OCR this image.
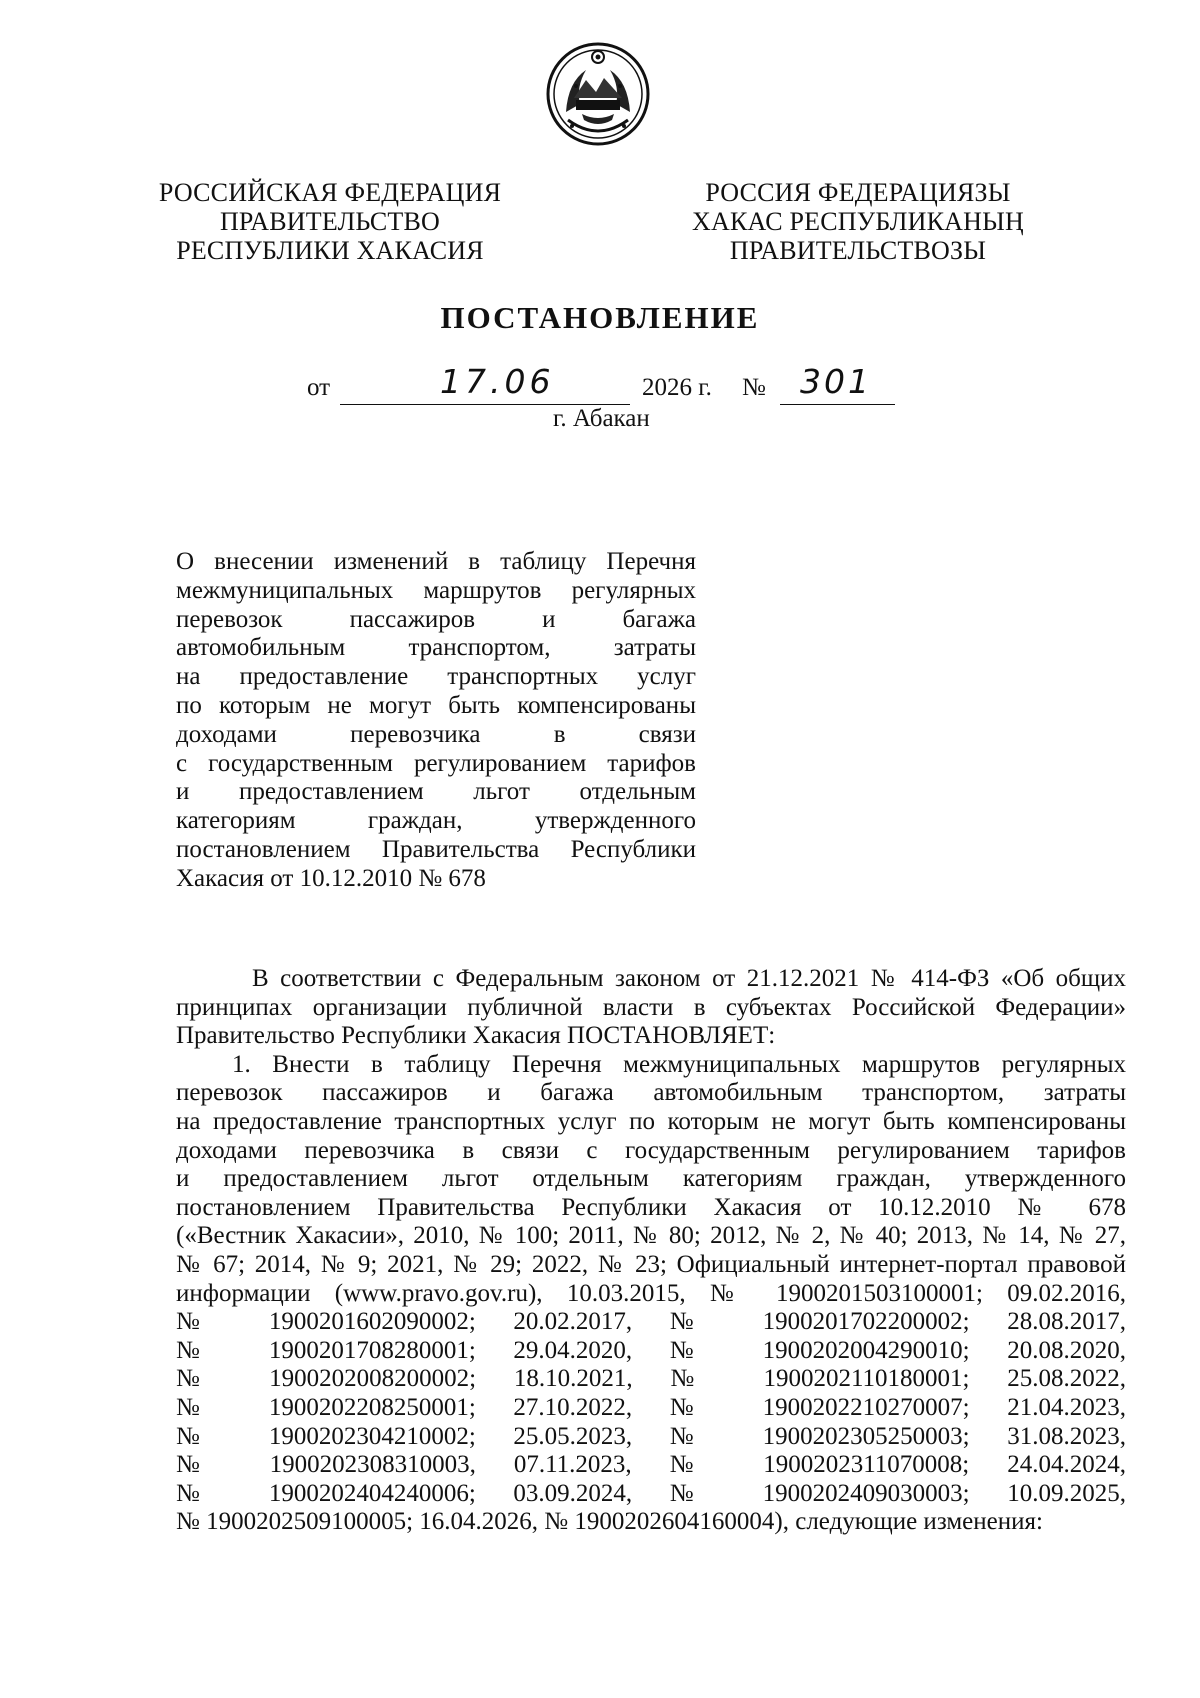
РОССИЙСКАЯ ФЕДЕРАЦИЯ
ПРАВИТЕЛЬСТВО
РЕСПУБЛИКИ ХАКАСИЯ
РОССИЯ ФЕДЕРАЦИЯЗЫ
ХАКАС РЕСПУБЛИКАНЫҢ
ПРАВИТЕЛЬСТВОЗЫ
ПОСТАНОВЛЕНИЕ
от	17.06	2026 г. № 301
г. Абакан
О внесении изменений в таблицу Перечня
межмуниципальных маршрутов регулярных
перевозок пассажиров и багажа
автомобильным транспортом, затраты
на предоставление транспортных услуг
по которым не могут быть компенсированы
доходами перевозчика в связи
с государственным регулированием тарифов
и предоставлением льгот отдельным
категориям граждан, утвержденного
постановлением Правительства Республики
Хакасия от 10.12.2010 № 678
В соответствии с Федеральным законом от 21.12.2021 № 414-ФЗ «Об общих
принципах организации публичной власти в субъектах Российской Федерации»
Правительство Республики Хакасия ПОСТАНОВЛЯЕТ:
1. Внести в таблицу Перечня межмуниципальных маршрутов регулярных
перевозок пассажиров и багажа автомобильным транспортом, затраты
на предоставление транспортных услуг по которым не могут быть компенсированы
доходами перевозчика в связи с государственным регулированием тарифов
и предоставлением льгот отдельным категориям граждан, утвержденного
постановлением Правительства Республики Хакасия от 10.12.2010 № 678
(«Вестник Хакасии», 2010, № 100; 2011, № 80; 2012, № 2, № 40; 2013, № 14, № 27,
№ 67; 2014, № 9; 2021, № 29; 2022, № 23; Официальный интернет-портал правовой
информации (www.pravo.gov.ru), 10.03.2015, № 1900201503100001; 09.02.2016,
№ 1900201602090002; 20.02.2017, № 1900201702200002; 28.08.2017,
№ 1900201708280001; 29.04.2020, № 1900202004290010; 20.08.2020,
№ 1900202008200002; 18.10.2021, № 1900202110180001; 25.08.2022,
№ 1900202208250001; 27.10.2022, № 1900202210270007; 21.04.2023,
№ 1900202304210002; 25.05.2023, № 1900202305250003; 31.08.2023,
№ 1900202308310003, 07.11.2023, № 1900202311070008; 24.04.2024,
№ 1900202404240006; 03.09.2024, № 1900202409030003; 10.09.2025,
№ 1900202509100005; 16.04.2026, № 1900202604160004), следующие изменения:
